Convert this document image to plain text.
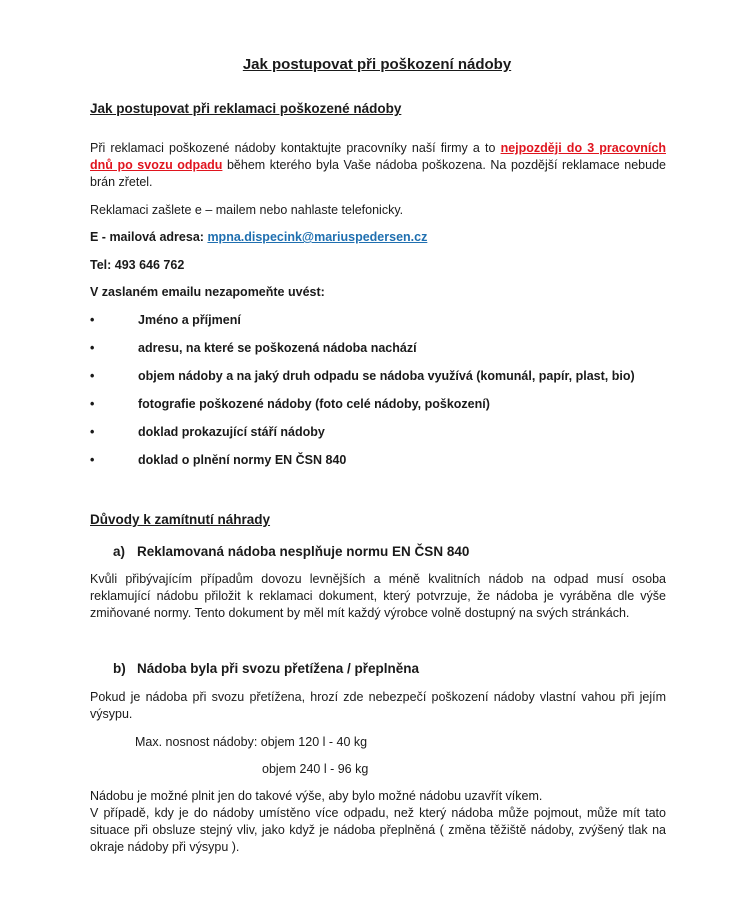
Jak postupovat při poškození nádoby
Jak postupovat při reklamaci poškozené nádoby
Při reklamaci poškozené nádoby kontaktujte pracovníky naší firmy a to nejpozději do 3 pracovních dnů po svozu odpadu během kterého byla Vaše nádoba poškozena. Na pozdější reklamace nebude brán zřetel.
Reklamaci zašlete e – mailem nebo nahlaste telefonicky.
E - mailová adresa: mpna.dispecink@mariuspedersen.cz
Tel: 493 646 762
V zaslaném emailu nezapomeňte uvést:
•	Jméno a příjmení
•	adresu, na které se poškozená nádoba nachází
•	objem nádoby a na jaký druh odpadu se nádoba využívá (komunál, papír, plast, bio)
•	fotografie poškozené nádoby (foto celé nádoby, poškození)
•	doklad prokazující stáří nádoby
•	doklad o plnění normy EN ČSN 840
Důvody k zamítnutí náhrady
a) Reklamovaná nádoba nesplňuje normu EN ČSN 840
Kvůli přibývajícím případům dovozu levnějších a méně kvalitních nádob na odpad musí osoba reklamující nádobu přiložit k reklamaci dokument, který potvrzuje, že nádoba je vyráběna dle výše zmiňované normy. Tento dokument by měl mít každý výrobce volně dostupný na svých stránkách.
b) Nádoba byla při svozu přetížena / přeplněna
Pokud je nádoba při svozu přetížena, hrozí zde nebezpečí poškození nádoby vlastní vahou při jejím výsypu.
Max. nosnost nádoby: objem 120 l - 40 kg
objem 240 l - 96 kg
Nádobu je možné plnit jen do takové výše, aby bylo možné nádobu uzavřít víkem.
V případě, kdy je do nádoby umístěno více odpadu, než který nádoba může pojmout, může mít tato situace při obsluze stejný vliv, jako když je nádoba přeplněná ( změna těžiště nádoby, zvýšený tlak na okraje nádoby při výsypu ).
